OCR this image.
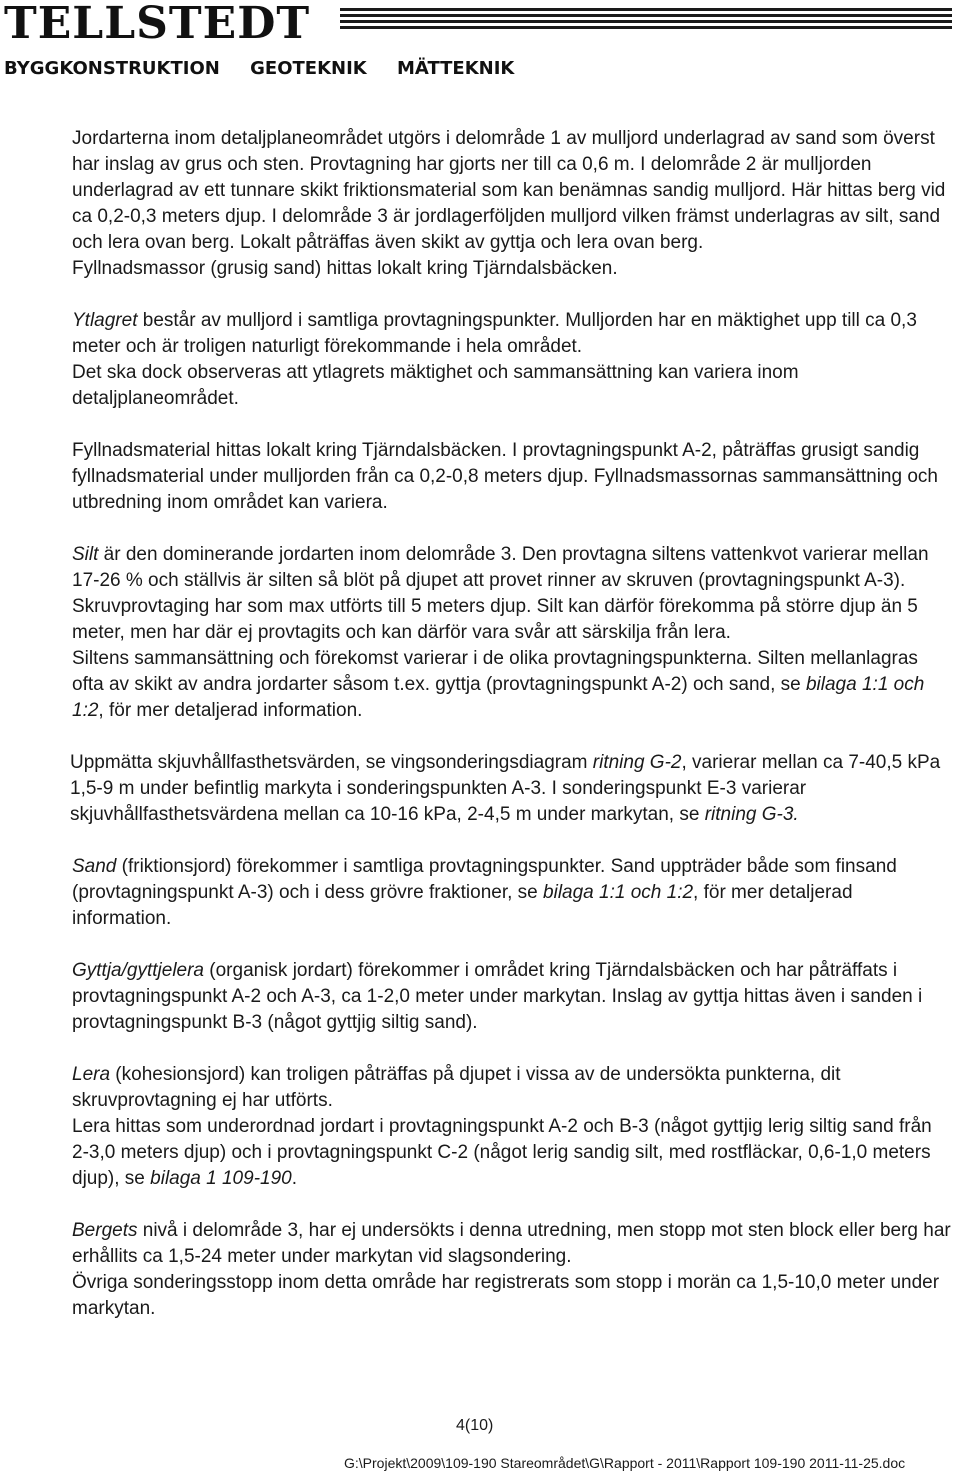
TELLSTEDT
BYGGKONSTRUKTION GEOTEKNIK MÄTTEKNIK

Jordarterna inom detaljplaneområdet utgörs i delområde 1 av mulljord underlagrad av sand som överst har inslag av grus och sten. Provtagning har gjorts ner till ca 0,6 m. I delområde 2 är mulljorden underlagrad av ett tunnare skikt friktionsmaterial som kan benämnas sandig mulljord. Här hittas berg vid ca 0,2-0,3 meters djup. I delområde 3 är jordlagerföljden mulljord vilken främst underlagras av silt, sand och lera ovan berg. Lokalt påträffas även skikt av gyttja och lera ovan berg.

Fyllnadsmassor (grusig sand) hittas lokalt kring Tjärndalsbäcken.

Ytlagret består av mulljord i samtliga provtagningspunkter. Mulljorden har en mäktighet upp till ca 0,3 meter och är troligen naturligt förekommande i hela området.

Det ska dock observeras att ytlagrets mäktighet och sammansättning kan variera inom detaljplaneområdet.

Fyllnadsmaterial hittas lokalt kring Tjärndalsbäcken. I provtagningspunkt A-2, påträffas grusigt sandig fyllnadsmaterial under mulljorden från ca 0,2-0,8 meters djup. Fyllnadsmassornas sammansättning och utbredning inom området kan variera.

Silt är den dominerande jordarten inom delområde 3. Den provtagna siltens vattenkvot varierar mellan 17-26 % och ställvis är silten så blöt på djupet att provet rinner av skruven (provtagningspunkt A-3). Skruvprovtaging har som max utförts till 5 meters djup. Silt kan därför förekomma på större djup än 5 meter, men har där ej provtagits och kan därför vara svår att särskilja från lera.

Siltens sammansättning och förekomst varierar i de olika provtagningspunkterna. Silten mellanlagras ofta av skikt av andra jordarter såsom t.ex. gyttja (provtagningspunkt A-2) och sand, se bilaga 1:1 och 1:2, för mer detaljerad information.

Uppmätta skjuvhållfasthetsvärden, se vingsonderingsdiagram ritning G-2, varierar mellan ca 7-40,5 kPa 1,5-9 m under befintlig markyta i sonderingspunkten A-3. I sonderingspunkt E-3 varierar skjuvhållfasthetsvärdena mellan ca 10-16 kPa, 2-4,5 m under markytan, se ritning G-3.

Sand (friktionsjord) förekommer i samtliga provtagningspunkter. Sand uppträder både som finsand (provtagningspunkt A-3) och i dess grövre fraktioner, se bilaga 1:1 och 1:2, för mer detaljerad information.

Gyttja/gyttjelera (organisk jordart) förekommer i området kring Tjärndalsbäcken och har påträffats i provtagningspunkt A-2 och A-3, ca 1-2,0 meter under markytan. Inslag av gyttja hittas även i sanden i provtagningspunkt B-3 (något gyttjig siltig sand).

Lera (kohesionsjord) kan troligen påträffas på djupet i vissa av de undersökta punkterna, dit skruvprovtagning ej har utförts.

Lera hittas som underordnad jordart i provtagningspunkt A-2 och B-3 (något gyttjig lerig siltig sand från 2-3,0 meters djup) och i provtagningspunkt C-2 (något lerig sandig silt, med rostfläckar, 0,6-1,0 meters djup), se bilaga 1 109-190.

Bergets nivå i delområde 3, har ej undersökts i denna utredning, men stopp mot sten block eller berg har erhållits ca 1,5-24 meter under markytan vid slagsondering.

Övriga sonderingsstopp inom detta område har registrerats som stopp i morän ca 1,5-10,0 meter under markytan.

4(10)
G:\Projekt\2009\109-190 Stareområdet\G\Rapport - 2011\Rapport 109-190 2011-11-25.doc
